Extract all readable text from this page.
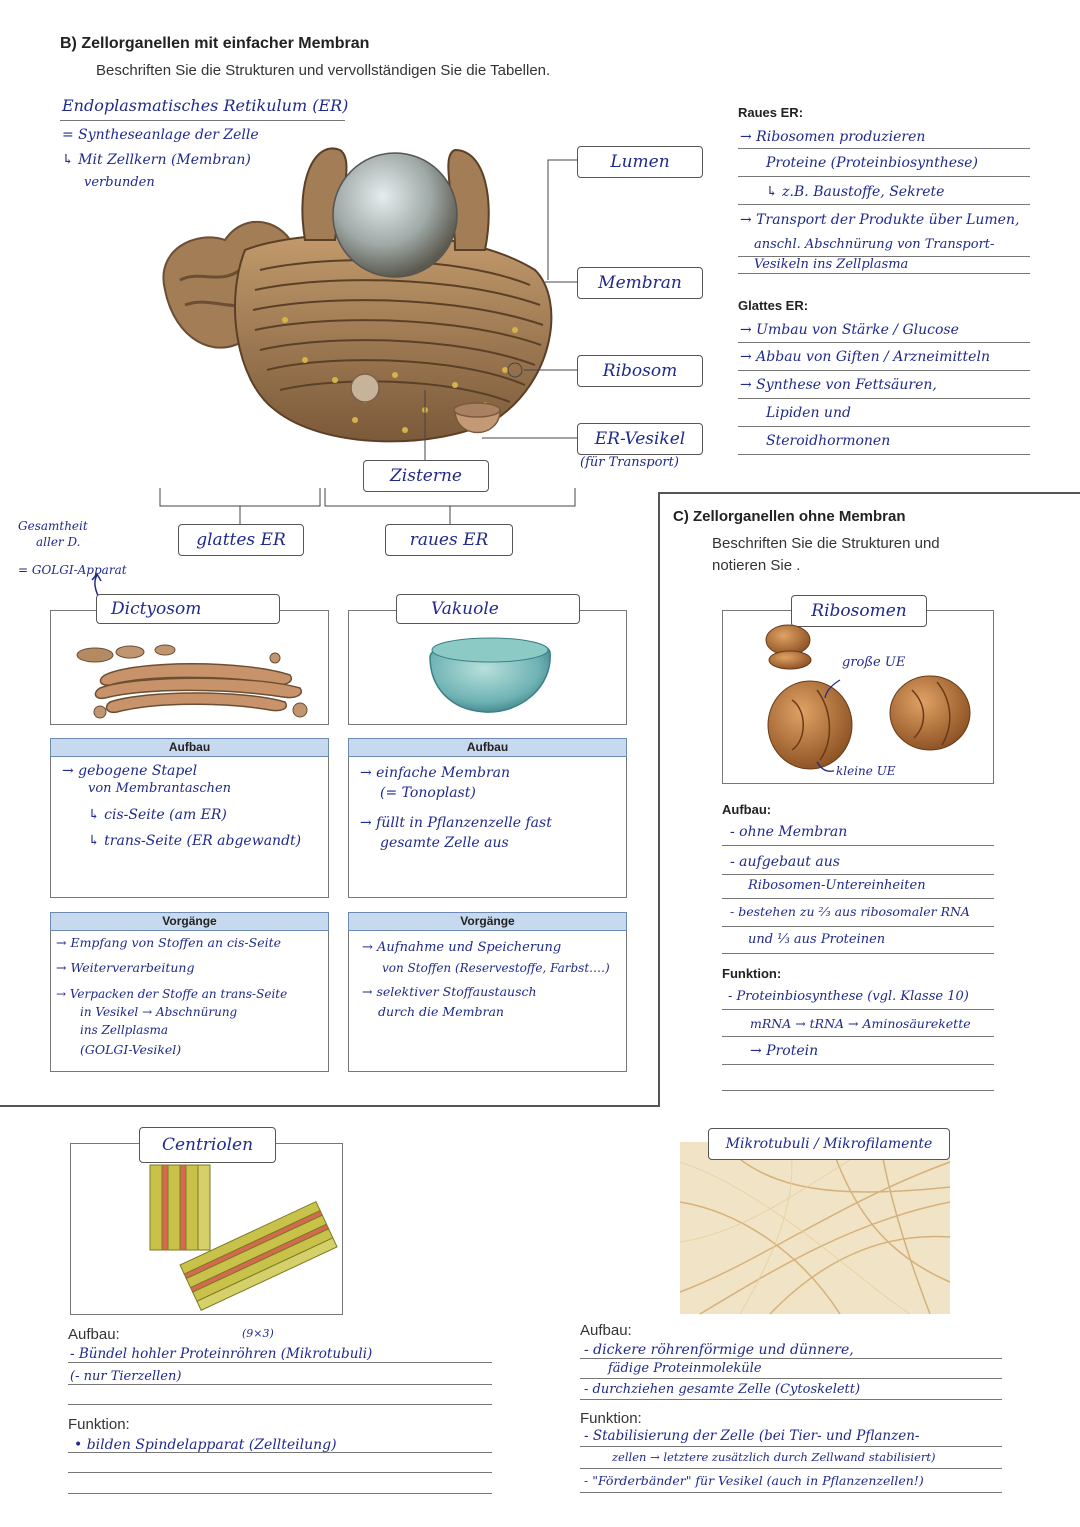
B) Zellorganellen mit einfacher Membran
Beschriften Sie die Strukturen und vervollständigen Sie die Tabellen.
Endoplasmatisches Retikulum (ER)
= Syntheseanlage der Zelle
↳ Mit Zellkern (Membran)
verbunden
Lumen
Membran
Ribosom
ER-Vesikel
(für Transport)
Zisterne
glattes ER	raues ER
Raues ER:
→ Ribosomen produzieren
Proteine (Proteinbiosynthese)
↳ z.B. Baustoffe, Sekrete
→ Transport der Produkte über Lumen,
anschl. Abschnürung von Transport-
Vesikeln ins Zellplasma
Glattes ER:
→ Umbau von Stärke / Glucose
→ Abbau von Giften / Arzneimitteln
→ Synthese von Fettsäuren,
Lipiden und
Steroidhormonen
Gesamtheit
aller D.
= GOLGI-Apparat
Dictyosom
Aufbau
→ gebogene Stapel
von Membrantaschen
↳ cis-Seite (am ER)
↳ trans-Seite (ER abgewandt)
Vorgänge
→ Empfang von Stoffen an cis-Seite
→ Weiterverarbeitung
→ Verpacken der Stoffe an trans-Seite
in Vesikel → Abschnürung
ins Zellplasma
(GOLGI-Vesikel)
Vakuole
Aufbau
→ einfache Membran
(= Tonoplast)
→ füllt in Pflanzenzelle fast
gesamte Zelle aus
Vorgänge
→ Aufnahme und Speicherung
von Stoffen (Reservestoffe, Farbst.…)
→ selektiver Stoffaustausch
durch die Membran
C) Zellorganellen ohne Membran
Beschriften Sie die Strukturen und
notieren Sie .
Ribosomen
große UE
kleine UE
Aufbau:
- ohne Membran
- aufgebaut aus
Ribosomen-Untereinheiten
- bestehen zu ⅔ aus ribosomaler RNA
und ⅓ aus Proteinen
Funktion:
- Proteinbiosynthese (vgl. Klasse 10)
mRNA → tRNA → Aminosäurekette
→ Protein
Centriolen
Aufbau:	(9×3)
- Bündel hohler Proteinröhren (Mikrotubuli)
(- nur Tierzellen)
Funktion:
• bilden Spindelapparat (Zellteilung)
Mikrotubuli / Mikrofilamente
Aufbau:
- dickere röhrenförmige und dünnere,
fädige Proteinmoleküle
- durchziehen gesamte Zelle (Cytoskelett)
Funktion:
- Stabilisierung der Zelle (bei Tier- und Pflanzen-
zellen → letztere zusätzlich durch Zellwand stabilisiert)
- "Förderbänder" für Vesikel (auch in Pflanzenzellen!)
